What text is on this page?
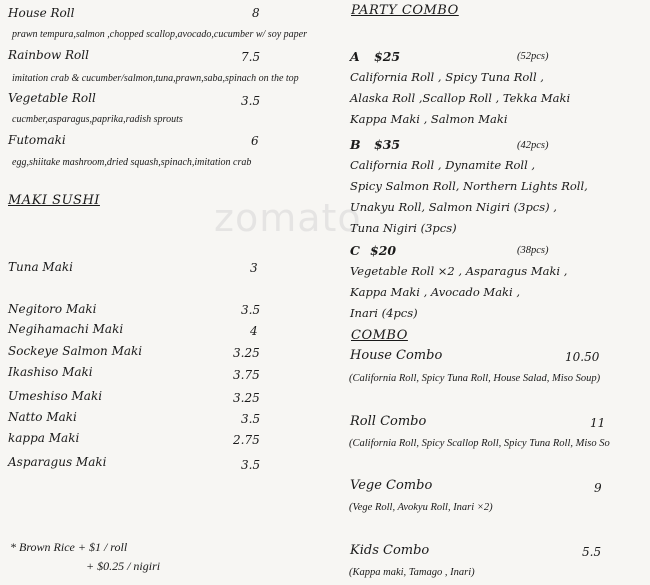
zomato
House Roll	8
prawn tempura,salmon ,chopped scallop,avocado,cucumber w/ soy paper
Rainbow Roll	7.5
imitation crab & cucumber/salmon,tuna,prawn,saba,spinach on the top
Vegetable Roll	3.5
cucmber,asparagus,paprika,radish sprouts
Futomaki	6
egg,shiitake mashroom,dried squash,spinach,imitation crab
MAKI SUSHI
Tuna Maki	3
Negitoro Maki	3.5
Negihamachi Maki	4
Sockeye Salmon Maki	3.25
Ikashiso Maki	3.75
Umeshiso Maki	3.25
Natto Maki	3.5
kappa Maki	2.75
Asparagus Maki	3.5
* Brown Rice + $1 / roll
+ $0.25 / nigiri
PARTY COMBO
A $25	(52pcs)
California Roll , Spicy Tuna Roll ,
Alaska Roll ,Scallop Roll , Tekka Maki
Kappa Maki , Salmon Maki
B $35	(42pcs)
California Roll , Dynamite Roll ,
Spicy Salmon Roll, Northern Lights Roll,
Unakyu Roll, Salmon Nigiri (3pcs) ,
Tuna Nigiri (3pcs)
C $20	(38pcs)
Vegetable Roll ×2 , Asparagus Maki ,
Kappa Maki , Avocado Maki ,
Inari (4pcs)
COMBO
House Combo	10.50
(California Roll, Spicy Tuna Roll, House Salad, Miso Soup)
Roll Combo	11
(California Roll, Spicy Scallop Roll, Spicy Tuna Roll, Miso So
Vege Combo	9
(Vege Roll, Avokyu Roll, Inari ×2)
Kids Combo	5.5
(Kappa maki, Tamago , Inari)
